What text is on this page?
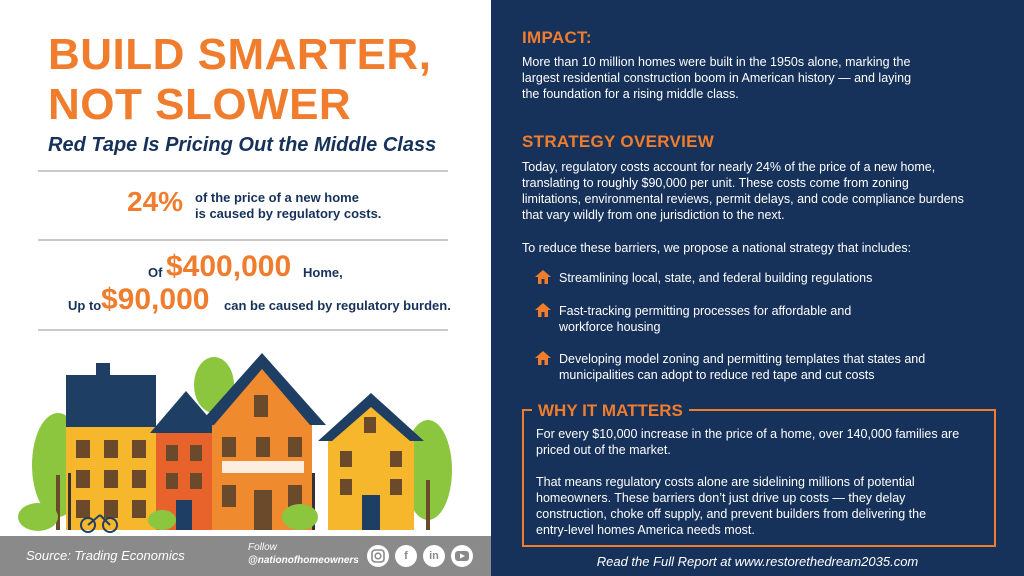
BUILD SMARTER,
NOT SLOWER
Red Tape Is Pricing Out the Middle Class
24% of the price of a new home
is caused by regulatory costs.
Of $400,000 Home,
Up to $90,000 can be caused by regulatory burden.
Source: Trading Economics
Follow
@nationofhomeowners	f	in
IMPACT:
More than 10 million homes were built in the 1950s alone, marking the
largest residential construction boom in American history — and laying
the foundation for a rising middle class.
STRATEGY OVERVIEW
Today, regulatory costs account for nearly 24% of the price of a new home,
translating to roughly $90,000 per unit. These costs come from zoning
limitations, environmental reviews, permit delays, and code compliance burdens
that vary wildly from one jurisdiction to the next.
To reduce these barriers, we propose a national strategy that includes:
Streamlining local, state, and federal building regulations
Fast-tracking permitting processes for affordable and
workforce housing
Developing model zoning and permitting templates that states and
municipalities can adopt to reduce red tape and cut costs
WHY IT MATTERS
For every $10,000 increase in the price of a home, over 140,000 families are
priced out of the market.
That means regulatory costs alone are sidelining millions of potential
homeowners. These barriers don’t just drive up costs — they delay
construction, choke off supply, and prevent builders from delivering the
entry-level homes America needs most.
Read the Full Report at www.restorethedream2035.com
